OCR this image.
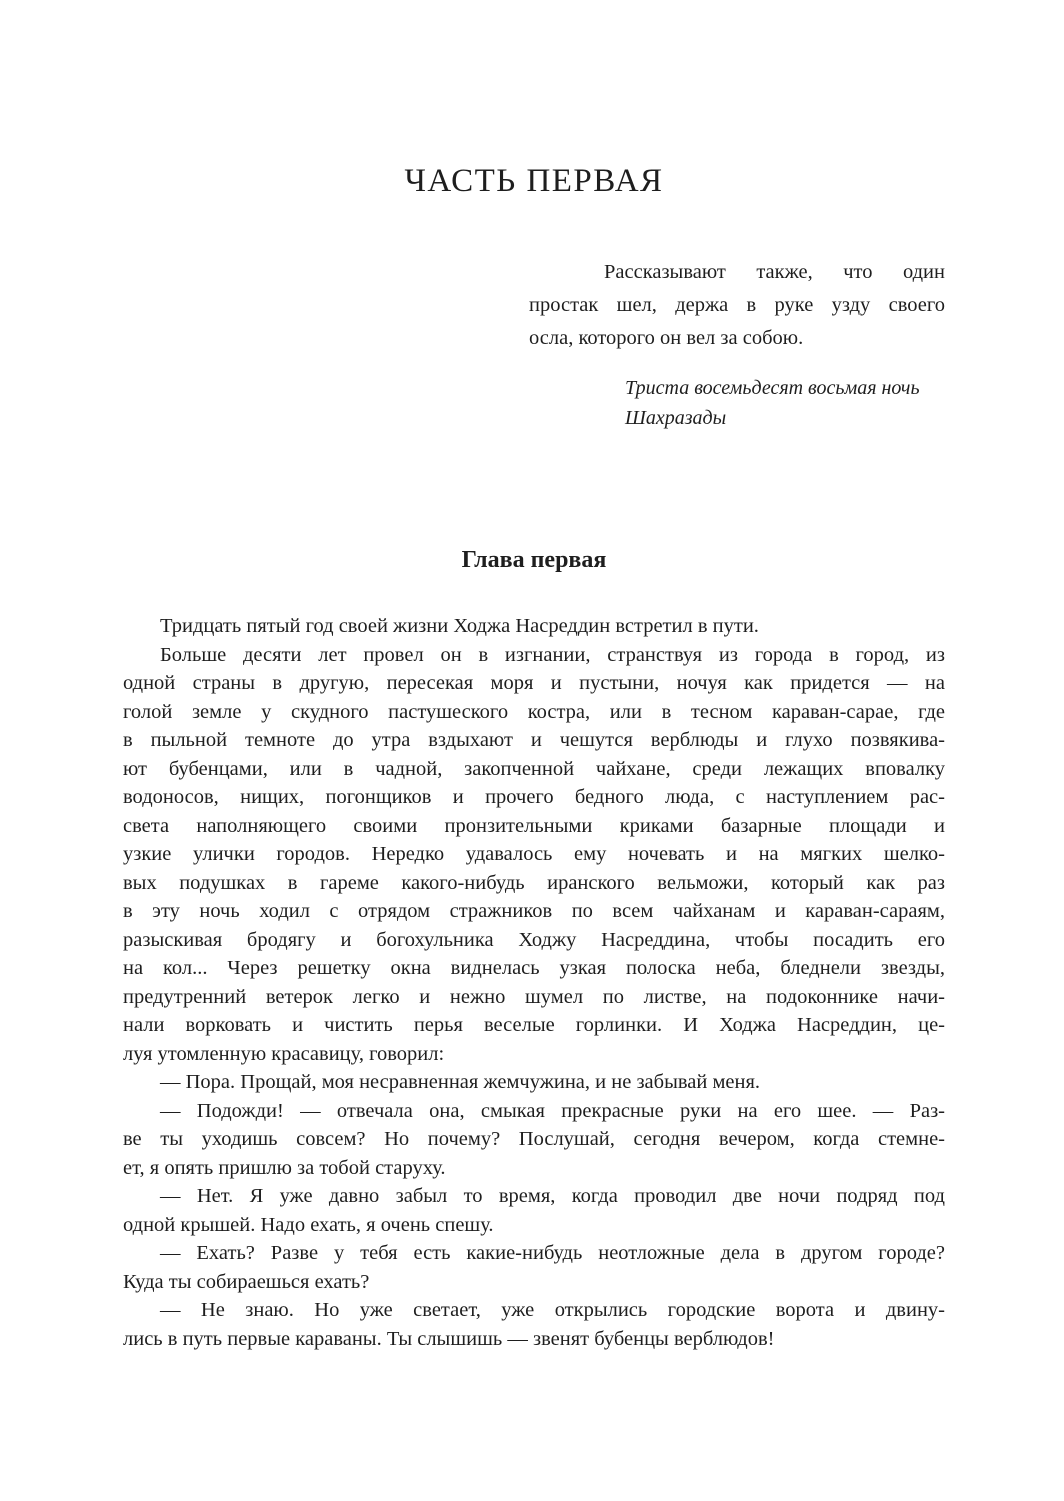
ЧАСТЬ ПЕРВАЯ
Рассказывают также, что один
простак шел, держа в руке узду своего
осла, которого он вел за собою.
Триста восемьдесят восьмая ночь
Шахразады
Глава первая
Тридцать пятый год своей жизни Ходжа Насреддин встретил в пути.
Больше десяти лет провел он в изгнании, странствуя из города в город, из
одной страны в другую, пересекая моря и пустыни, ночуя как придется — на
голой земле у скудного пастушеского костра, или в тесном караван-сарае, где
в пыльной темноте до утра вздыхают и чешутся верблюды и глухо позвякива-
ют бубенцами, или в чадной, закопченной чайхане, среди лежащих вповалку
водоносов, нищих, погонщиков и прочего бедного люда, с наступлением рас-
света наполняющего своими пронзительными криками базарные площади и
узкие улички городов. Нередко удавалось ему ночевать и на мягких шелко-
вых подушках в гареме какого-нибудь иранского вельможи, который как раз
в эту ночь ходил с отрядом стражников по всем чайханам и караван-сараям,
разыскивая бродягу и богохульника Ходжу Насреддина, чтобы посадить его
на кол... Через решетку окна виднелась узкая полоска неба, бледнели звезды,
предутренний ветерок легко и нежно шумел по листве, на подоконнике начи-
нали ворковать и чистить перья веселые горлинки. И Ходжа Насреддин, це-
луя утомленную красавицу, говорил:
— Пора. Прощай, моя несравненная жемчужина, и не забывай меня.
— Подожди! — отвечала она, смыкая прекрасные руки на его шее. — Раз-
ве ты уходишь совсем? Но почему? Послушай, сегодня вечером, когда стемне-
ет, я опять пришлю за тобой старуху.
— Нет. Я уже давно забыл то время, когда проводил две ночи подряд под
одной крышей. Надо ехать, я очень спешу.
— Ехать? Разве у тебя есть какие-нибудь неотложные дела в другом городе?
Куда ты собираешься ехать?
— Не знаю. Но уже светает, уже открылись городские ворота и двину-
лись в путь первые караваны. Ты слышишь — звенят бубенцы верблюдов!
